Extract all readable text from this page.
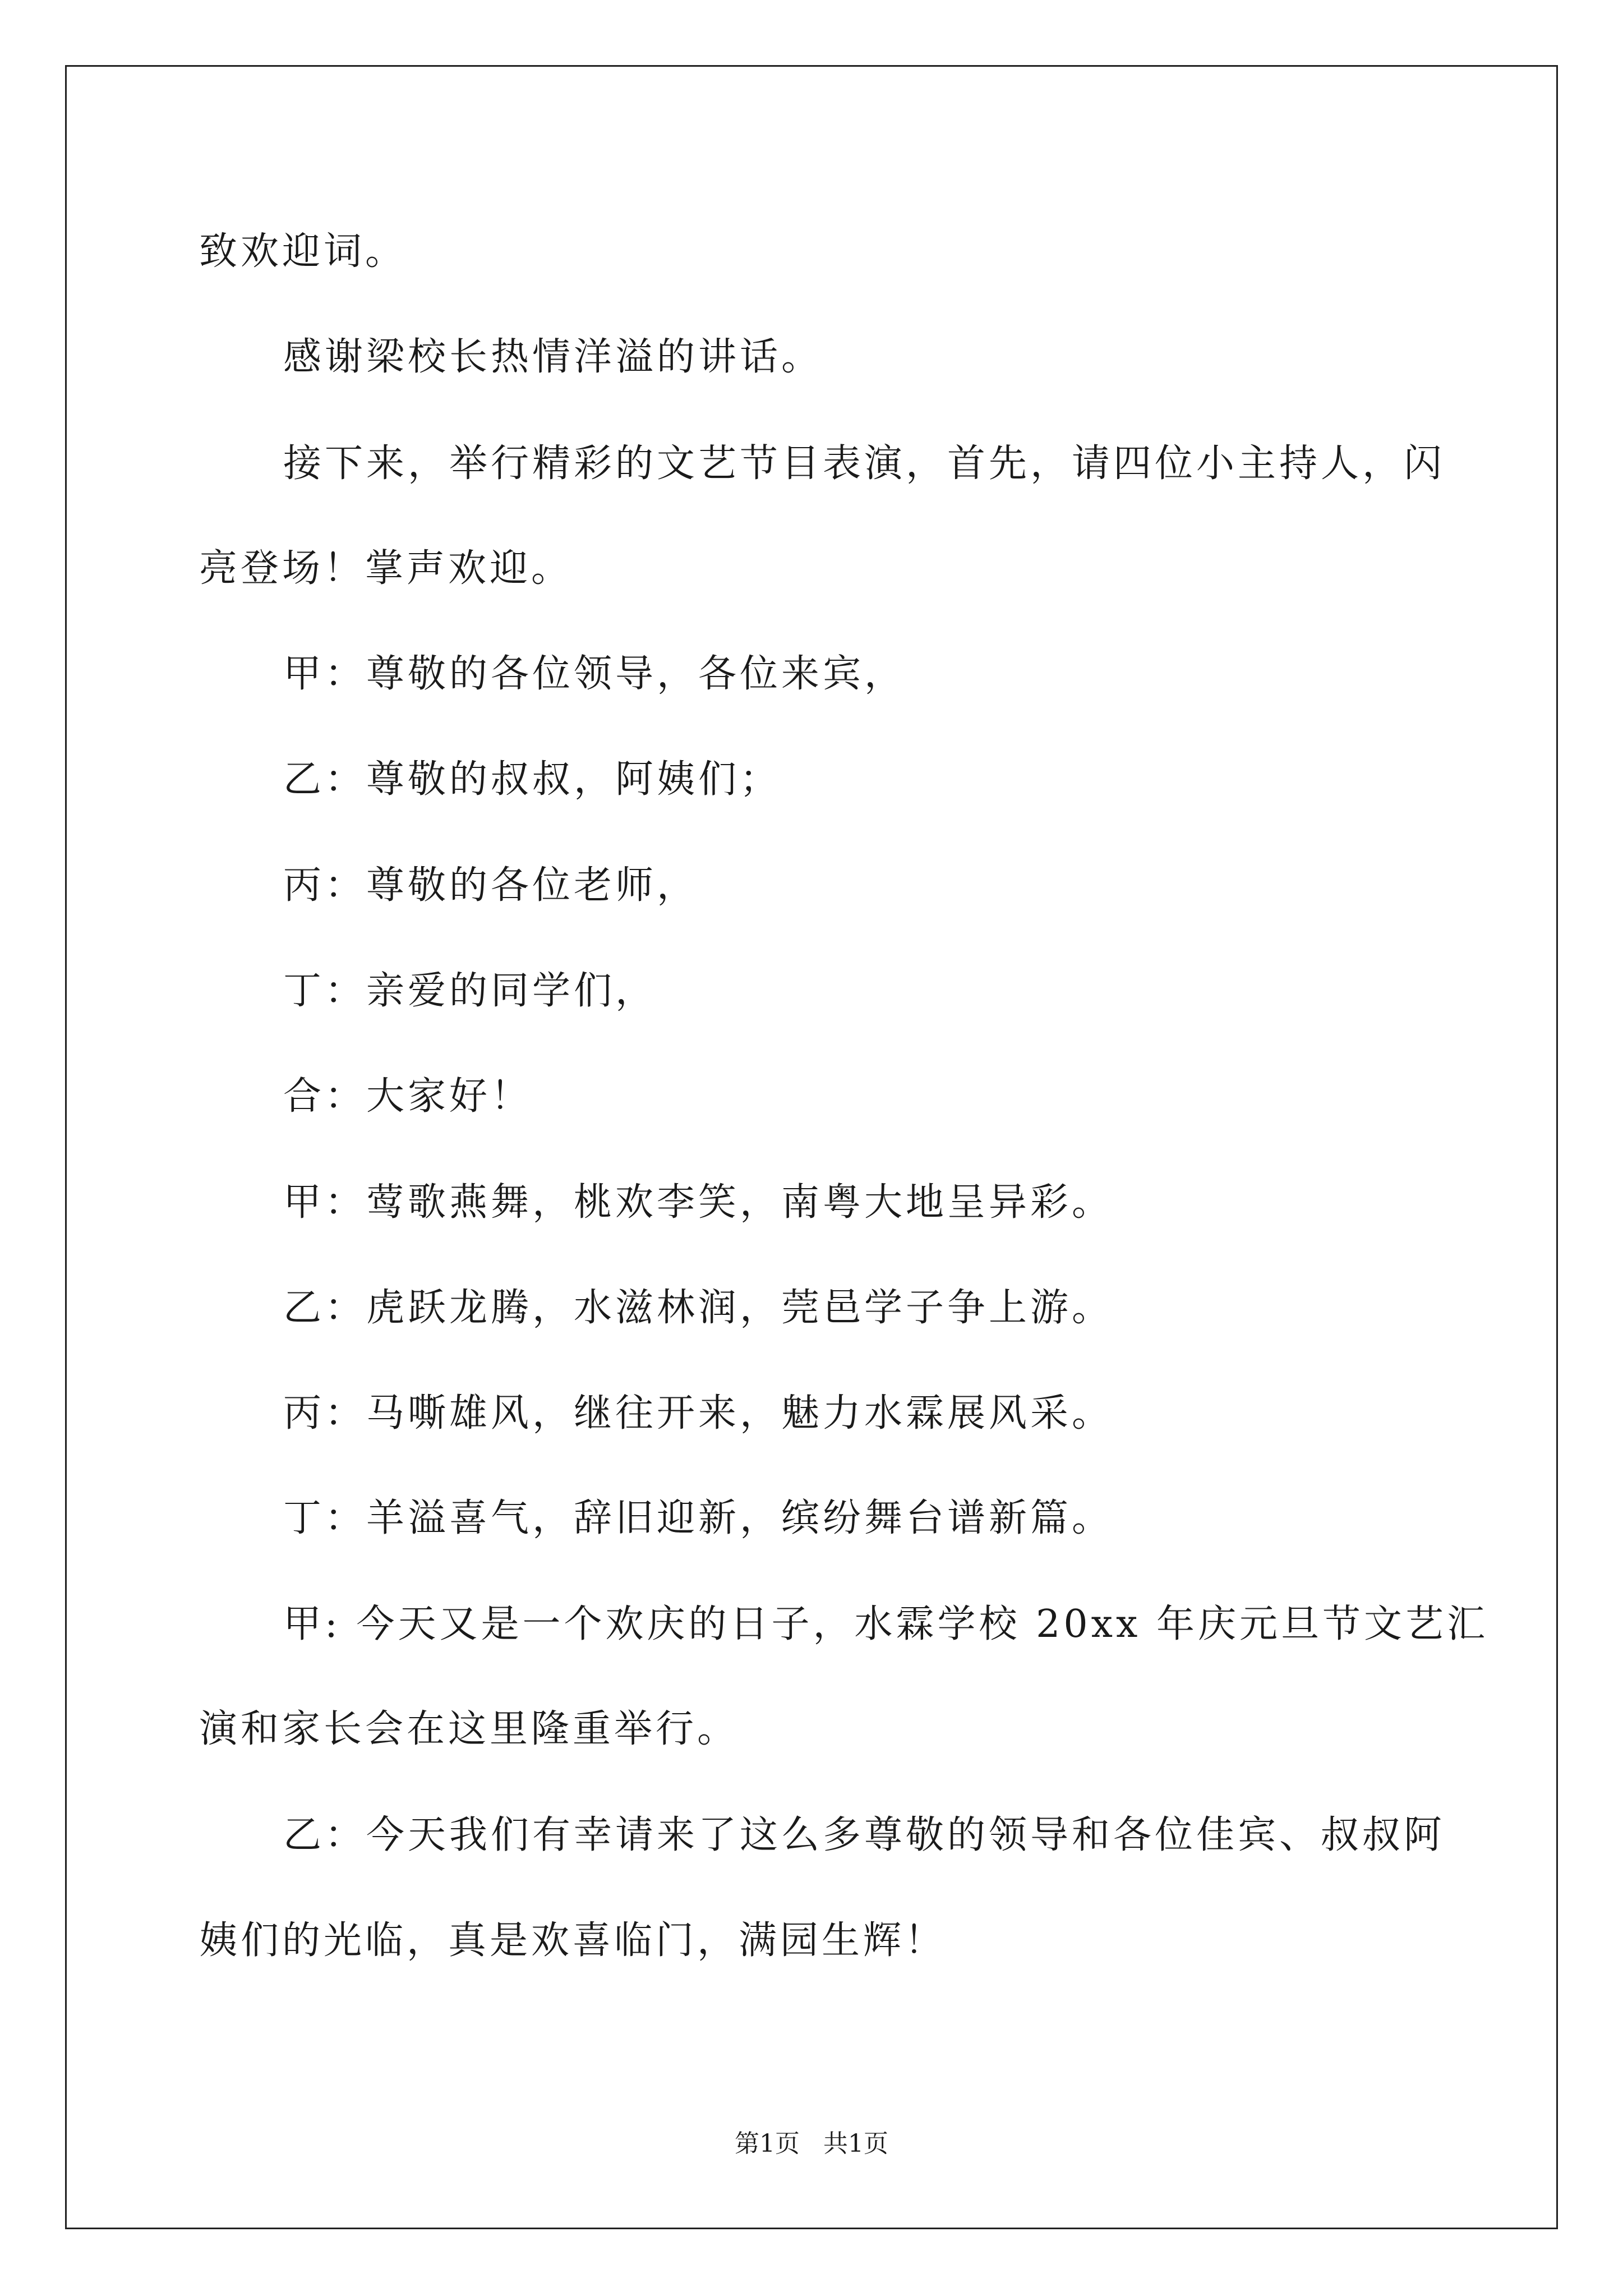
致欢迎词。
感谢梁校长热情洋溢的讲话。
接下来，举行精彩的文艺节目表演，首先，请四位小主持人，闪
亮登场！掌声欢迎。
甲：尊敬的各位领导，各位来宾，
乙：尊敬的叔叔，阿姨们；
丙：尊敬的各位老师，
丁：亲爱的同学们，
合：大家好！
甲：莺歌燕舞，桃欢李笑，南粤大地呈异彩。
乙：虎跃龙腾，水滋林润，莞邑学子争上游。
丙：马嘶雄风，继往开来，魅力水霖展风采。
丁：羊溢喜气，辞旧迎新，缤纷舞台谱新篇。
甲: 今天又是一个欢庆的日子，水霖学校 20xx 年庆元旦节文艺汇
演和家长会在这里隆重举行。
乙：今天我们有幸请来了这么多尊敬的领导和各位佳宾、叔叔阿
姨们的光临，真是欢喜临门，满园生辉！
第1页   共1页
